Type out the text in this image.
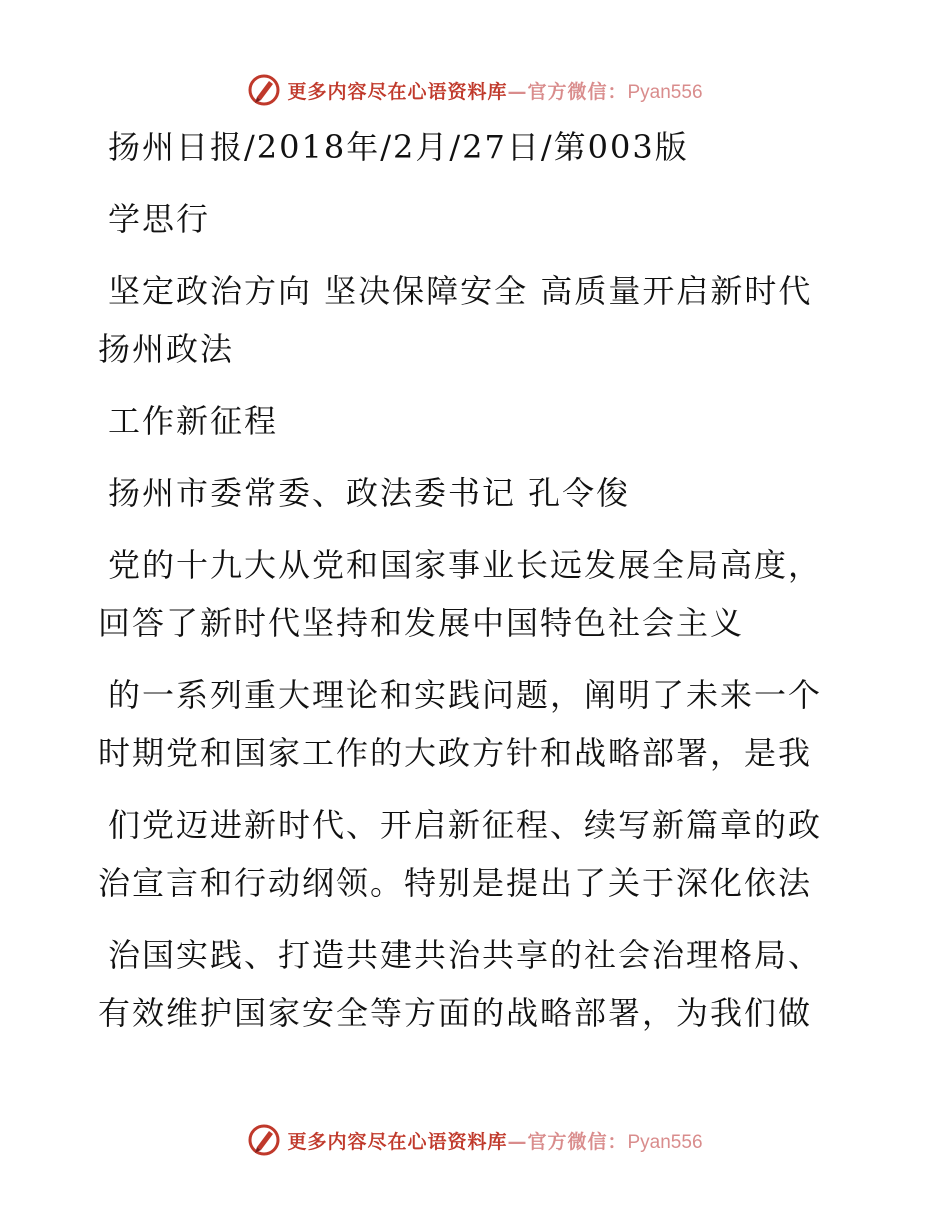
更多内容尽在心语资料库—官方微信：Pyan556
扬州日报/2018年/2月/27日/第003版
学思行
坚定政治方向 坚决保障安全 高质量开启新时代
扬州政法
工作新征程
扬州市委常委、政法委书记 孔令俊
党的十九大从党和国家事业长远发展全局高度，
回答了新时代坚持和发展中国特色社会主义
的一系列重大理论和实践问题，阐明了未来一个
时期党和国家工作的大政方针和战略部署，是我
们党迈进新时代、开启新征程、续写新篇章的政
治宣言和行动纲领。特别是提出了关于深化依法
治国实践、打造共建共治共享的社会治理格局、
有效维护国家安全等方面的战略部署，为我们做
更多内容尽在心语资料库—官方微信：Pyan556
